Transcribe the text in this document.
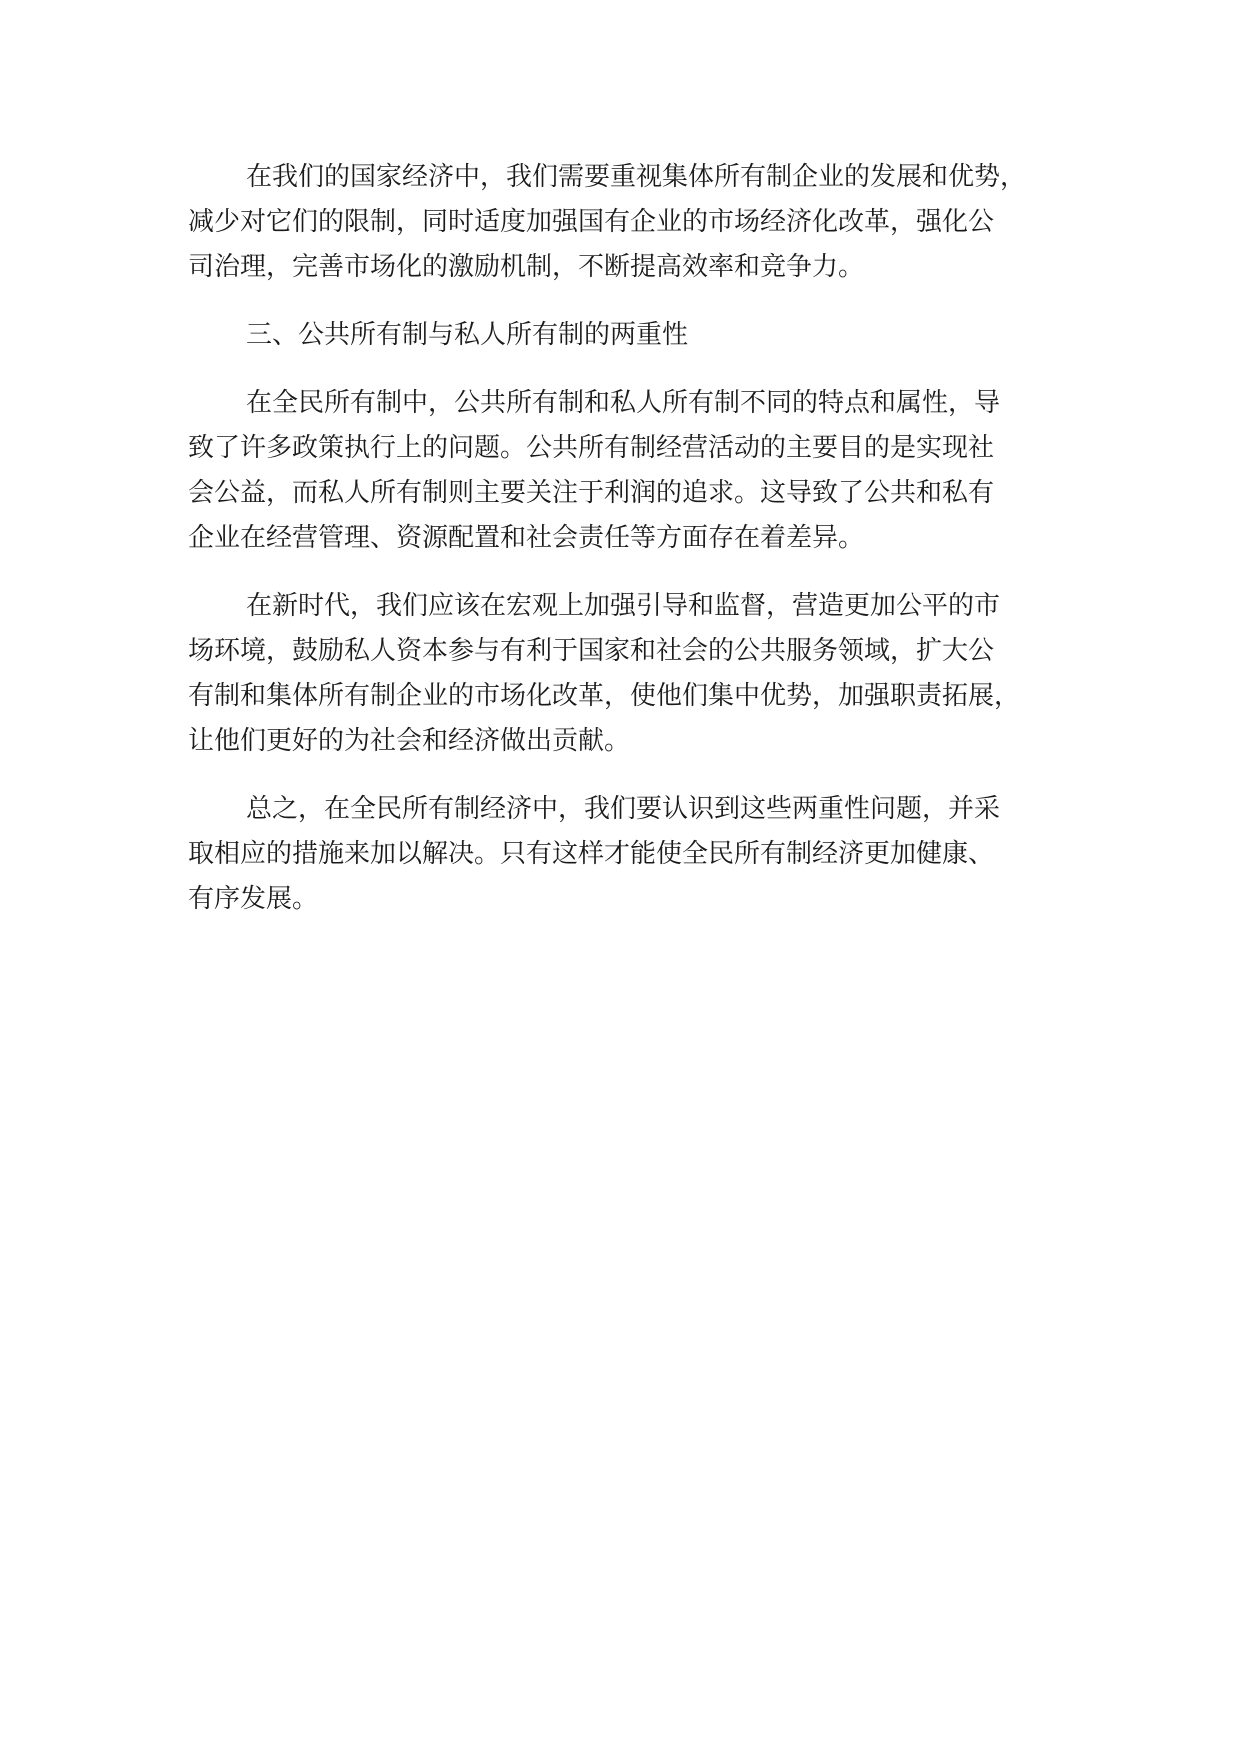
在我们的国家经济中，我们需要重视集体所有制企业的发展和优势，
减少对它们的限制，同时适度加强国有企业的市场经济化改革，强化公
司治理，完善市场化的激励机制，不断提高效率和竞争力。

三、公共所有制与私人所有制的两重性

在全民所有制中，公共所有制和私人所有制不同的特点和属性，导
致了许多政策执行上的问题。公共所有制经营活动的主要目的是实现社
会公益，而私人所有制则主要关注于利润的追求。这导致了公共和私有
企业在经营管理、资源配置和社会责任等方面存在着差异。

在新时代，我们应该在宏观上加强引导和监督，营造更加公平的市
场环境，鼓励私人资本参与有利于国家和社会的公共服务领域，扩大公
有制和集体所有制企业的市场化改革，使他们集中优势，加强职责拓展，
让他们更好的为社会和经济做出贡献。

总之，在全民所有制经济中，我们要认识到这些两重性问题，并采
取相应的措施来加以解决。只有这样才能使全民所有制经济更加健康、
有序发展。
